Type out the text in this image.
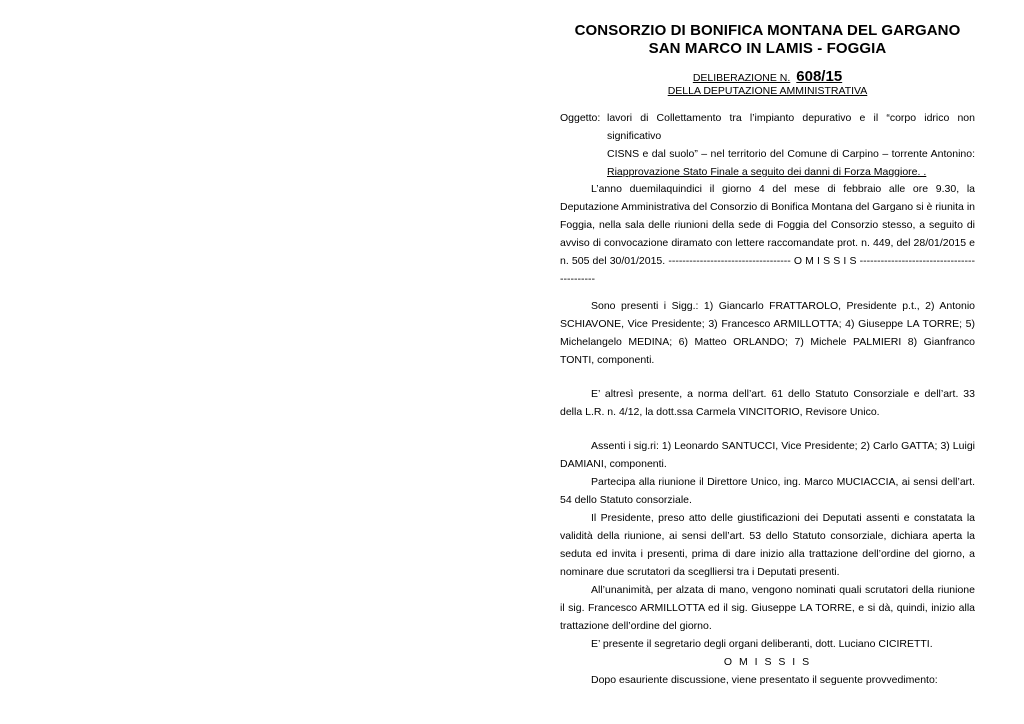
CONSORZIO DI BONIFICA MONTANA DEL GARGANO
SAN MARCO IN LAMIS - FOGGIA
DELIBERAZIONE N. 608/15
DELLA DEPUTAZIONE AMMINISTRATIVA
Oggetto: lavori di Collettamento tra l’impianto depurativo e il “corpo idrico non significativo
CISNS e dal suolo” – nel territorio del Comune di Carpino – torrente Antonino:
Riapprovazione Stato Finale a seguito dei danni di Forza Maggiore. .

L’anno duemilaquindici il giorno 4 del mese di febbraio alle ore 9.30, la Deputazione Amministrativa del Consorzio di Bonifica Montana del Gargano si è riunita in Foggia, nella sala delle riunioni della sede di Foggia del Consorzio stesso, a seguito di avviso di convocazione diramato con lettere raccomandate prot. n. 449, del 28/01/2015 e n. 505 del 30/01/2015. ----------------------------------- O M I S S I S -------------------------------------------

Sono presenti i Sigg.: 1) Giancarlo FRATTAROLO, Presidente p.t., 2) Antonio SCHIAVONE, Vice Presidente; 3) Francesco ARMILLOTTA; 4) Giuseppe LA TORRE; 5) Michelangelo MEDINA; 6) Matteo ORLANDO; 7) Michele PALMIERI 8) Gianfranco TONTI, componenti.

E’ altresì presente, a norma dell’art. 61 dello Statuto Consorziale e dell’art. 33 della L.R. n. 4/12, la dott.ssa Carmela VINCITORIO, Revisore Unico.

Assenti i sig.ri: 1) Leonardo SANTUCCI, Vice Presidente; 2) Carlo GATTA; 3) Luigi DAMIANI, componenti.

Partecipa alla riunione il Direttore Unico, ing. Marco MUCIACCIA, ai sensi dell’art. 54 dello Statuto consorziale.

Il Presidente, preso atto delle giustificazioni dei Deputati assenti e constatata la validità della riunione, ai sensi dell’art. 53 dello Statuto consorziale, dichiara aperta la seduta ed invita i presenti, prima di dare inizio alla trattazione dell’ordine del giorno, a nominare due scrutatori da sceglliersi tra i Deputati presenti.

All’unanimità, per alzata di mano, vengono nominati quali scrutatori della riunione il sig. Francesco ARMILLOTTA ed il sig. Giuseppe LA TORRE, e si dà, quindi, inizio alla trattazione dell’ordine del giorno.

E’ presente il segretario degli organi deliberanti, dott. Luciano CICIRETTI.

O M I S S I S

Dopo esauriente discussione, viene presentato il seguente provvedimento:
